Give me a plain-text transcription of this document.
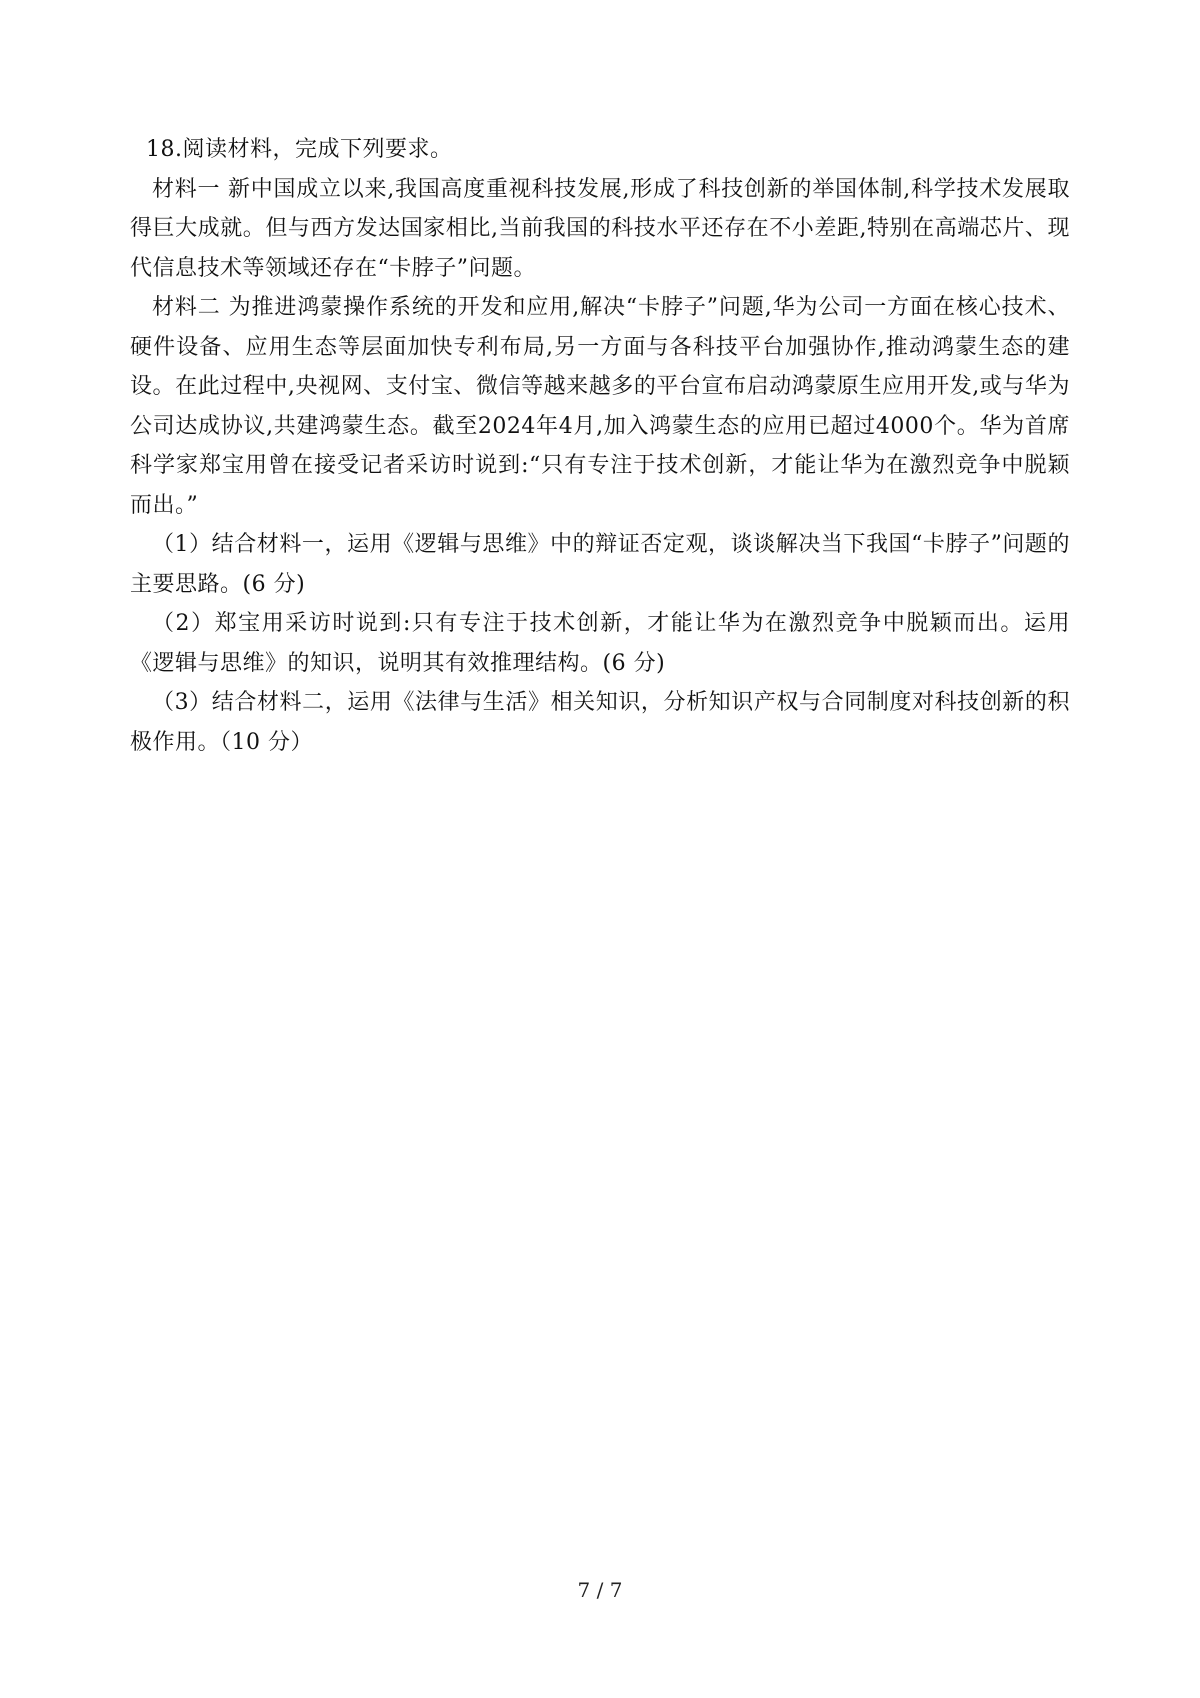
18.阅读材料，完成下列要求。

材料一 新中国成立以来,我国高度重视科技发展,形成了科技创新的举国体制,科学技术发展取得巨大成就。但与西方发达国家相比,当前我国的科技水平还存在不小差距,特别在高端芯片、现代信息技术等领域还存在“卡脖子”问题。

材料二 为推进鸿蒙操作系统的开发和应用,解决“卡脖子”问题,华为公司一方面在核心技术、硬件设备、应用生态等层面加快专利布局,另一方面与各科技平台加强协作,推动鸿蒙生态的建设。在此过程中,央视网、支付宝、微信等越来越多的平台宣布启动鸿蒙原生应用开发,或与华为公司达成协议,共建鸿蒙生态。截至2024年4月,加入鸿蒙生态的应用已超过4000个。华为首席科学家郑宝用曾在接受记者采访时说到:“只有专注于技术创新，才能让华为在激烈竞争中脱颖而出。”

（1）结合材料一，运用《逻辑与思维》中的辩证否定观，谈谈解决当下我国“卡脖子”问题的主要思路。(6 分)

（2）郑宝用采访时说到:只有专注于技术创新，才能让华为在激烈竞争中脱颖而出。运用《逻辑与思维》的知识，说明其有效推理结构。(6 分)

（3）结合材料二，运用《法律与生活》相关知识，分析知识产权与合同制度对科技创新的积极作用。（10 分）

7 / 7
